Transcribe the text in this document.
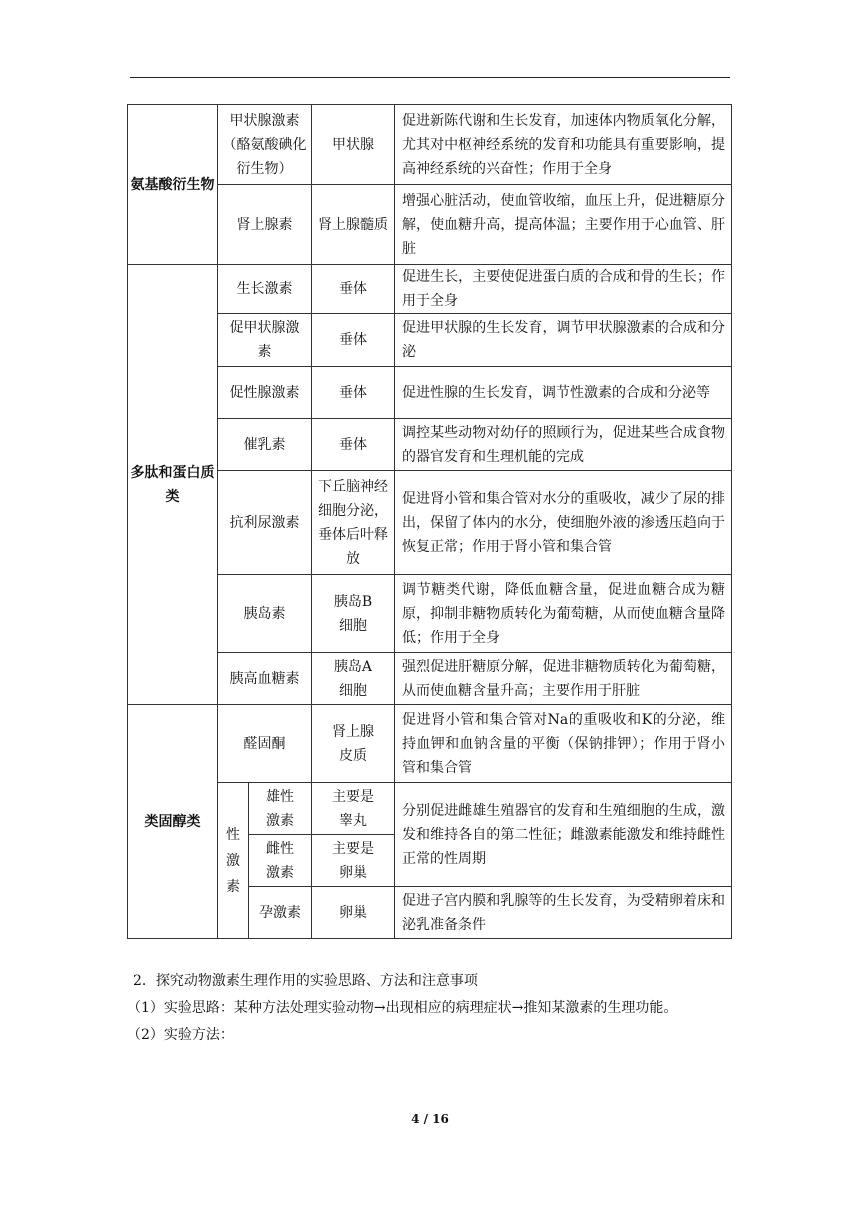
氨基酸衍生物	甲状腺激素（酪氨酸碘化衍生物）		甲状腺	促进新陈代谢和生长发育，加速体内物质氧化分解，尤其对中枢神经系统的发育和功能具有重要影响，提高神经系统的兴奋性；作用于全身
	肾上腺素		肾上腺髓质	增强心脏活动，使血管收缩，血压上升，促进糖原分解，使血糖升高，提高体温；主要作用于心血管、肝脏
多肽和蛋白质类	生长激素		垂体	促进生长，主要使促进蛋白质的合成和骨的生长；作用于全身
	促甲状腺激素		垂体	促进甲状腺的生长发育，调节甲状腺激素的合成和分泌
	促性腺激素		垂体	促进性腺的生长发育，调节性激素的合成和分泌等
	催乳素		垂体	调控某些动物对幼仔的照顾行为，促进某些合成食物的器官发育和生理机能的完成
	抗利尿激素		下丘脑神经细胞分泌，垂体后叶释放	促进肾小管和集合管对水分的重吸收，减少了尿的排出，保留了体内的水分，使细胞外液的渗透压趋向于恢复正常；作用于肾小管和集合管
	胰岛素		胰岛B细胞	调节糖类代谢，降低血糖含量，促进血糖合成为糖原，抑制非糖物质转化为葡萄糖，从而使血糖含量降低；作用于全身
	胰高血糖素		胰岛A细胞	强烈促进肝糖原分解，促进非糖物质转化为葡萄糖，从而使血糖含量升高；主要作用于肝脏
类固醇类	醛固酮		肾上腺皮质	促进肾小管和集合管对Na的重吸收和K的分泌，维持血钾和血钠含量的平衡（保钠排钾）；作用于肾小管和集合管

	性激素	雄性激素	主要是睾丸	分别促进雌雄生殖器官的发育和生殖细胞的生成，激发和维持各自的第二性征；雌激素能激发和维持雌性正常的性周期
		雌性激素	主要是卵巢	
		孕激素	卵巢	促进子宫内膜和乳腺等的生长发育，为受精卵着床和泌乳准备条件
2．探究动物激素生理作用的实验思路、方法和注意事项
（1）实验思路：某种方法处理实验动物→出现相应的病理症状→推知某激素的生理功能。
（2）实验方法：
4 / 16
